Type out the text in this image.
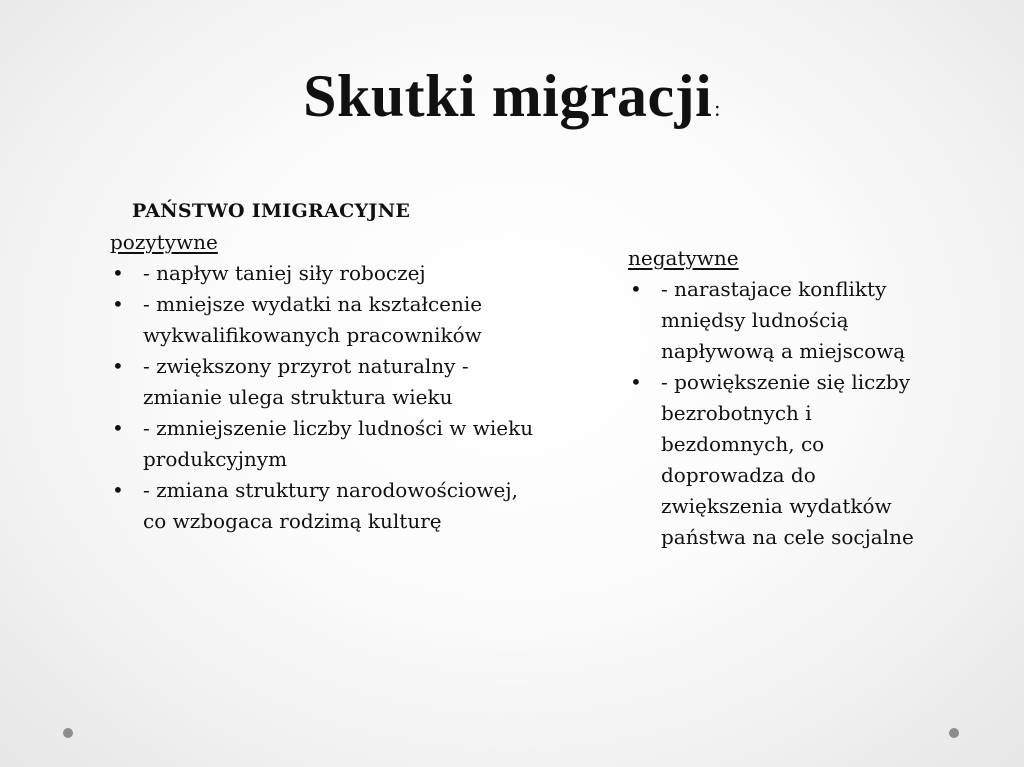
Skutki migracji:
PAŃSTWO IMIGRACYJNE
pozytywne
• - napływ taniej siły roboczej
• - mniejsze wydatki na kształcenie wykwalifikowanych pracowników
• - zwiększony przyrot naturalny - zmianie ulega struktura wieku
• - zmniejszenie liczby ludności w wieku produkcyjnym
• - zmiana struktury narodowościowej, co wzbogaca rodzimą kulturę
negatywne
• - narastajace konflikty mniędsy ludnością napływową a miejscową
• - powiększenie się liczby bezrobotnych i bezdomnych, co doprowadza do zwiększenia wydatków państwa na cele socjalne
